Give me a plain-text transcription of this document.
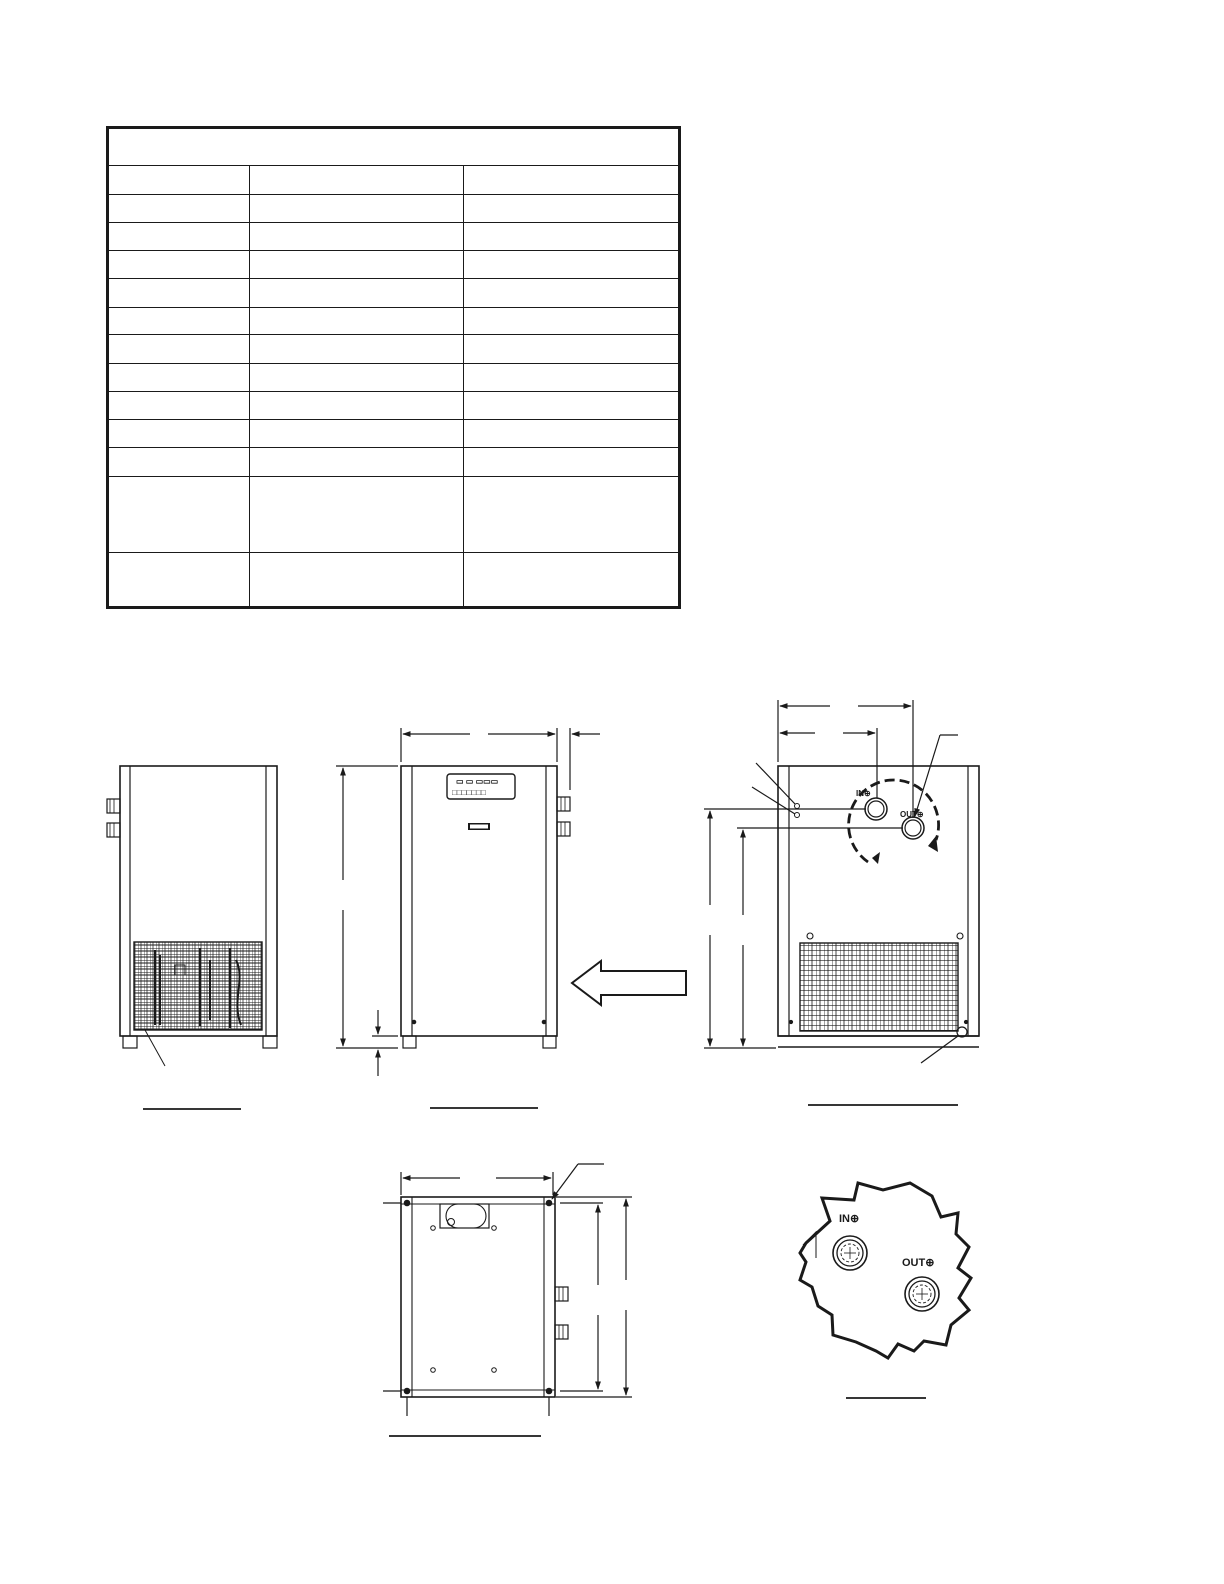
▭ ▭ ▭▭▭
□□□□□□□	IN⊕
OUT⊕
IN⊕
OUT⊕
